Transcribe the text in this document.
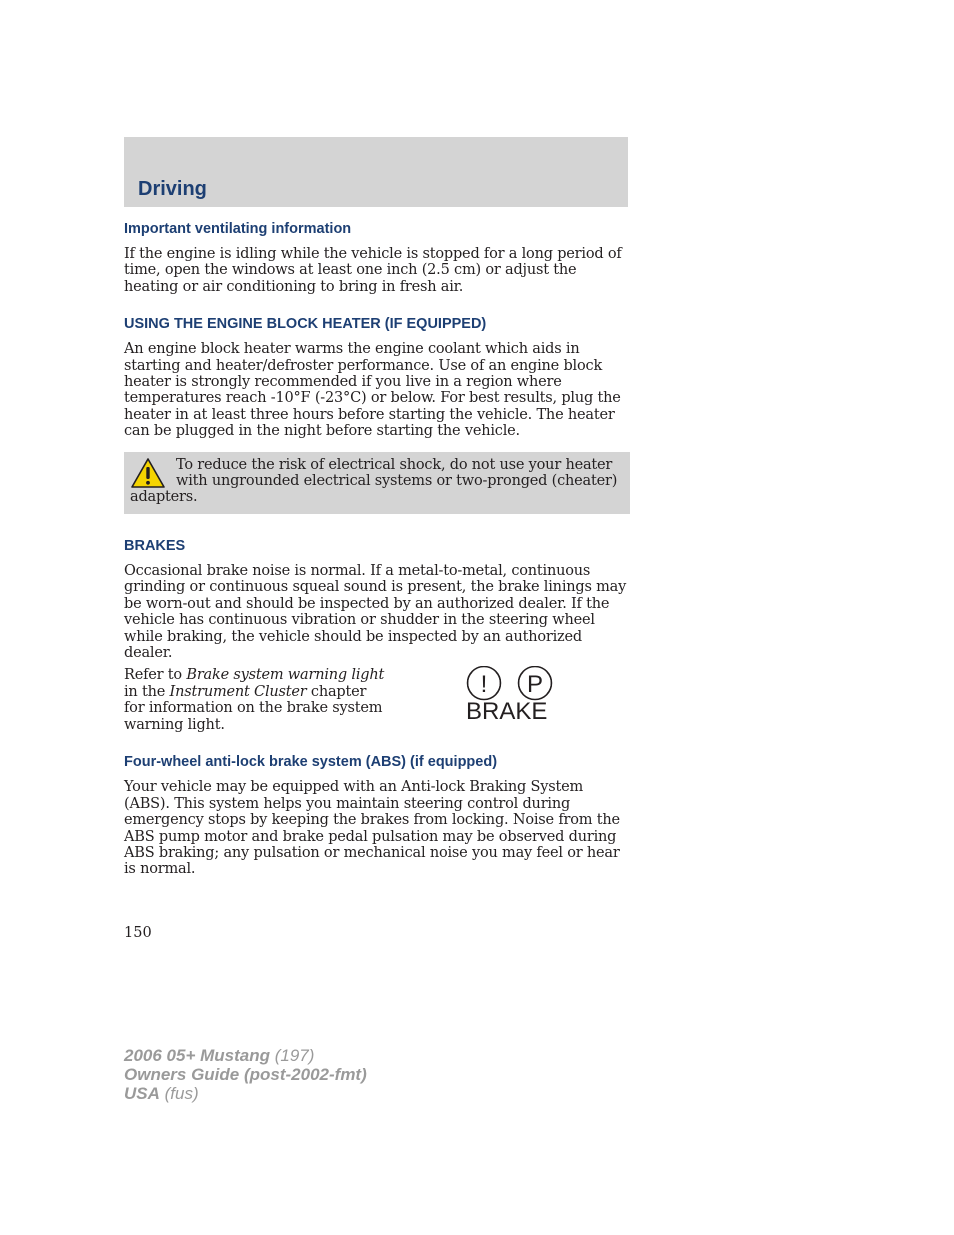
Driving
Important ventilating information

If the engine is idling while the vehicle is stopped for a long period of time, open the windows at least one inch (2.5 cm) or adjust the heating or air conditioning to bring in fresh air.

USING THE ENGINE BLOCK HEATER (IF EQUIPPED)

An engine block heater warms the engine coolant which aids in starting and heater/defroster performance. Use of an engine block heater is strongly recommended if you live in a region where temperatures reach -10°F (-23°C) or below. For best results, plug the heater in at least three hours before starting the vehicle. The heater can be plugged in the night before starting the vehicle.

To reduce the risk of electrical shock, do not use your heater with ungrounded electrical systems or two-pronged (cheater) adapters.

BRAKES

Occasional brake noise is normal. If a metal-to-metal, continuous grinding or continuous squeal sound is present, the brake linings may be worn-out and should be inspected by an authorized dealer. If the vehicle has continuous vibration or shudder in the steering wheel while braking, the vehicle should be inspected by an authorized dealer.

Refer to Brake system warning light in the Instrument Cluster chapter for information on the brake system warning light.

! P
BRAKE
Four-wheel anti-lock brake system (ABS) (if equipped)

Your vehicle may be equipped with an Anti-lock Braking System (ABS). This system helps you maintain steering control during emergency stops by keeping the brakes from locking. Noise from the ABS pump motor and brake pedal pulsation may be observed during ABS braking; any pulsation or mechanical noise you may feel or hear is normal.

150
2006 05+ Mustang (197)
Owners Guide (post-2002-fmt)
USA (fus)
